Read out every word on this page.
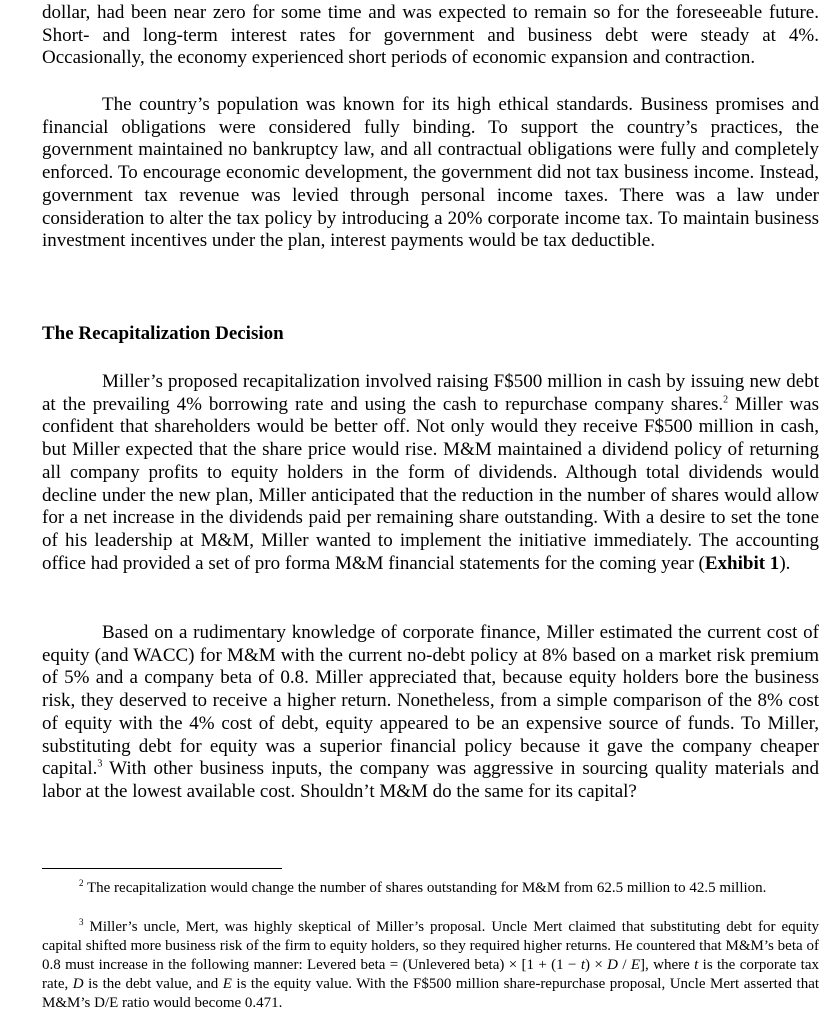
dollar, had been near zero for some time and was expected to remain so for the foreseeable future. Short- and long-term interest rates for government and business debt were steady at 4%. Occasionally, the economy experienced short periods of economic expansion and contraction.

The country’s population was known for its high ethical standards. Business promises and financial obligations were considered fully binding. To support the country’s practices, the government maintained no bankruptcy law, and all contractual obligations were fully and completely enforced. To encourage economic development, the government did not tax business income. Instead, government tax revenue was levied through personal income taxes. There was a law under consideration to alter the tax policy by introducing a 20% corporate income tax. To maintain business investment incentives under the plan, interest payments would be tax deductible.

The Recapitalization Decision

Miller’s proposed recapitalization involved raising F$500 million in cash by issuing new debt at the prevailing 4% borrowing rate and using the cash to repurchase company shares.$^2$ Miller was confident that shareholders would be better off. Not only would they receive F$500 million in cash, but Miller expected that the share price would rise. M&M maintained a dividend policy of returning all company profits to equity holders in the form of dividends. Although total dividends would decline under the new plan, Miller anticipated that the reduction in the number of shares would allow for a net increase in the dividends paid per remaining share outstanding. With a desire to set the tone of his leadership at M&M, Miller wanted to implement the initiative immediately. The accounting office had provided a set of pro forma M&M financial statements for the coming year (Exhibit 1).

Based on a rudimentary knowledge of corporate finance, Miller estimated the current cost of equity (and WACC) for M&M with the current no-debt policy at 8% based on a market risk premium of 5% and a company beta of 0.8. Miller appreciated that, because equity holders bore the business risk, they deserved to receive a higher return. Nonetheless, from a simple comparison of the 8% cost of equity with the 4% cost of debt, equity appeared to be an expensive source of funds. To Miller, substituting debt for equity was a superior financial policy because it gave the company cheaper capital.$^3$ With other business inputs, the company was aggressive in sourcing quality materials and labor at the lowest available cost. Shouldn’t M&M do the same for its capital?

$^2$ The recapitalization would change the number of shares outstanding for M&M from 62.5 million to 42.5 million.

$^3$ Miller’s uncle, Mert, was highly skeptical of Miller’s proposal. Uncle Mert claimed that substituting debt for equity capital shifted more business risk of the firm to equity holders, so they required higher returns. He countered that M&M’s beta of 0.8 must increase in the following manner: Levered beta = (Unlevered beta) × [1 + (1 − t) × D / E], where t is the corporate tax rate, D is the debt value, and E is the equity value. With the F$500 million share-repurchase proposal, Uncle Mert asserted that M&M’s D/E ratio would become 0.471.
